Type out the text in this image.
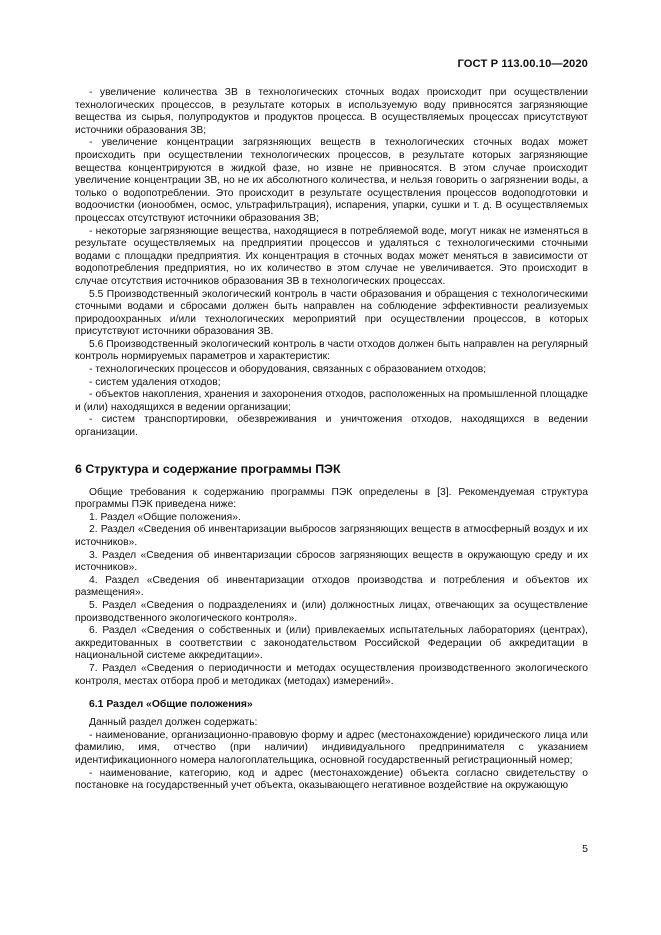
ГОСТ Р 113.00.10—2020

- увеличение количества ЗВ в технологических сточных водах происходит при осуществлении технологических процессов, в результате которых в используемую воду привносятся загрязняющие вещества из сырья, полупродуктов и продуктов процесса. В осуществляемых процессах присутствуют источники образования ЗВ;

- увеличение концентрации загрязняющих веществ в технологических сточных водах может происходить при осуществлении технологических процессов, в результате которых загрязняющие вещества концентрируются в жидкой фазе, но извне не привносятся. В этом случае происходит увеличение концентрации ЗВ, но не их абсолютного количества, и нельзя говорить о загрязнении воды, а только о водопотреблении. Это происходит в результате осуществления процессов водоподготовки и водоочистки (ионообмен, осмос, ультрафильтрация), испарения, упарки, сушки и т. д. В осуществляемых процессах отсутствуют источники образования ЗВ;

- некоторые загрязняющие вещества, находящиеся в потребляемой воде, могут никак не изменяться в результате осуществляемых на предприятии процессов и удаляться с технологическими сточными водами с площадки предприятия. Их концентрация в сточных водах может меняться в зависимости от водопотребления предприятия, но их количество в этом случае не увеличивается. Это происходит в случае отсутствия источников образования ЗВ в технологических процессах.

5.5 Производственный экологический контроль в части образования и обращения с технологическими сточными водами и сбросами должен быть направлен на соблюдение эффективности реализуемых природоохранных и/или технологических мероприятий при осуществлении процессов, в которых присутствуют источники образования ЗВ.

5.6 Производственный экологический контроль в части отходов должен быть направлен на регулярный контроль нормируемых параметров и характеристик:

- технологических процессов и оборудования, связанных с образованием отходов;

- систем удаления отходов;

- объектов накопления, хранения и захоронения отходов, расположенных на промышленной площадке и (или) находящихся в ведении организации;

- систем транспортировки, обезвреживания и уничтожения отходов, находящихся в ведении организации.

6 Структура и содержание программы ПЭК

Общие требования к содержанию программы ПЭК определены в [3]. Рекомендуемая структура программы ПЭК приведена ниже:

1. Раздел «Общие положения».

2. Раздел «Сведения об инвентаризации выбросов загрязняющих веществ в атмосферный воздух и их источников».

3. Раздел «Сведения об инвентаризации сбросов загрязняющих веществ в окружающую среду и их источников».

4. Раздел «Сведения об инвентаризации отходов производства и потребления и объектов их размещения».

5. Раздел «Сведения о подразделениях и (или) должностных лицах, отвечающих за осуществление производственного экологического контроля».

6. Раздел «Сведения о собственных и (или) привлекаемых испытательных лабораториях (центрах), аккредитованных в соответствии с законодательством Российской Федерации об аккредитации в национальной системе аккредитации».

7. Раздел «Сведения о периодичности и методах осуществления производственного экологического контроля, местах отбора проб и методиках (методах) измерений».

6.1 Раздел «Общие положения»

Данный раздел должен содержать:

- наименование, организационно-правовую форму и адрес (местонахождение) юридического лица или фамилию, имя, отчество (при наличии) индивидуального предпринимателя с указанием идентификационного номера налогоплательщика, основной государственный регистрационный номер;

- наименование, категорию, код и адрес (местонахождение) объекта согласно свидетельству о постановке на государственный учет объекта, оказывающего негативное воздействие на окружающую

5
